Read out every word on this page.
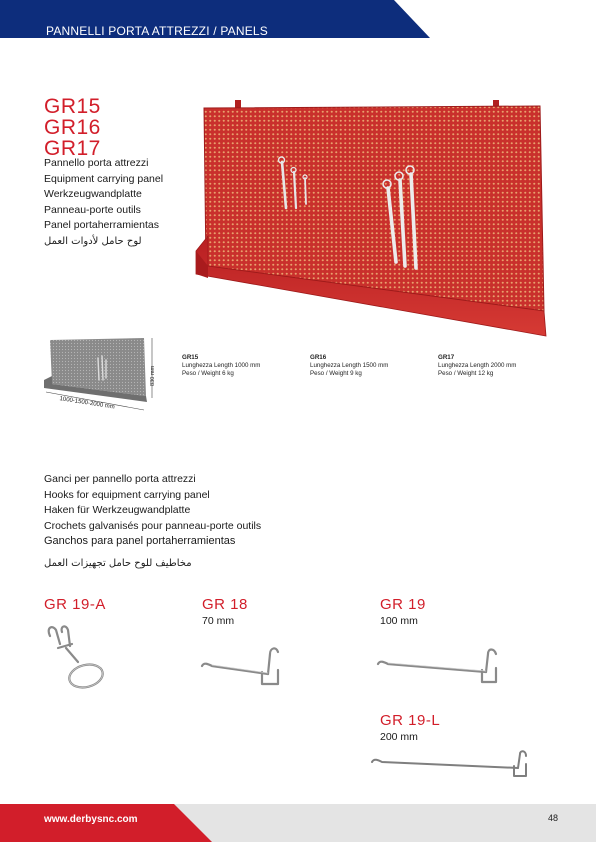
PANNELLI PORTA ATTREZZI / PANELS
GR15
GR16
GR17
Pannello porta attrezzi
Equipment carrying panel
Werkzeugwandplatte
Panneau-porte outils
Panel portaherramientas
لوح حامل لأدوات العمل
830 mm
1000-1500-2000 mm
GR15
Lunghezza Length 1000 mm
Peso / Weight 6 kg
GR16
Lunghezza Length 1500 mm
Peso / Weight 9 kg
GR17
Lunghezza Length 2000 mm
Peso / Weight 12 kg
Ganci per pannello porta attrezzi
Hooks for equipment carrying panel
Haken für Werkzeugwandplatte
Crochets galvanisés pour panneau-porte outils
Ganchos para panel portaherramientas
مخاطيف للوح حامل تجهيزات العمل
GR 19-A	GR 18
70 mm
GR 19
100 mm
GR 19-L
200 mm
www.derbysnc.com	48
